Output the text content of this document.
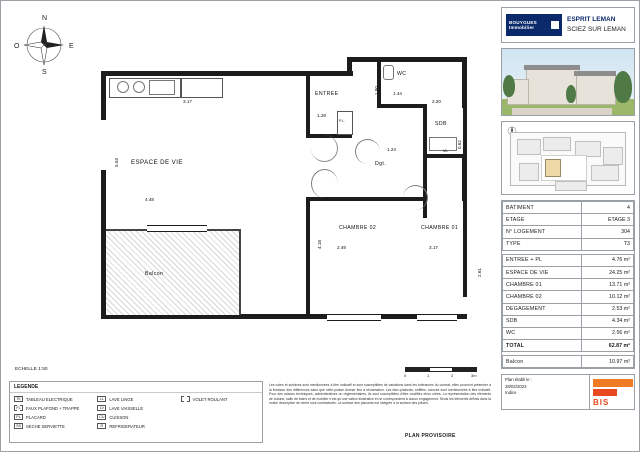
N
S
E
O
BOUYGUES
Immobilier
ESPRIT LEMAN
SCIEZ SUR LEMAN
BATIMENT	4
ETAGE	ETAGE 3
N° LOGEMENT	304
TYPE	T3

ENTREE + PL	4.76 m²
ESPACE DE VIE	24.25 m²
CHAMBRE 01	13.71 m²
CHAMBRE 02	10.12 m²
DEGAGEMENT	2.53 m²
SDB	4.34 m²
WC	2.56 m²
TOTAL	62.87 m²

Balcon	10.97 m²
Plan établi le :
28/02/2023
Indice
BIS
Balcon
ESPACE DE VIE
4.48
5.53
3.17
ENTREE
1.28
PL.
WC
1.44
1.80
SDB
2.20
0.62
ML
Dgt.
CHAMBRE 02
2.49
4.18
CHAMBRE 01
3.17
2.61
1.24
ECHELLE 1:50
0	1	2	3m
LEGENDE
TE	TABLEAU ELECTRIQUE
FL	FAUX PLAFOND + TRAPPE
PL	PLACARD
SS	SECHE SERVIETTE
LL	LAVE LINGE
LV	LAVE VAISSELLE
CU	CUISSON
R	REFRIGERATEUR
VOLET ROULANT
Les cotes et surfaces sont mentionnées à titre indicatif et sont susceptibles de variations dans les tolérances du contrat, elles pourront présenter à la livraison des différences sans que celle-puisse donner lieu à réclamation. Les faux-plafonds, soffites, coinces sont mentionnées à titre indicatif. Pour des raisons techniques, administratives ou réglementaires, ils sont susceptibles d'être modifiés et/ou créés. La représentation des éléments de cuisine, salle de bains et de mobilier n'est qu'une valeur illustrative et ne correspondent à aucun engagement. Seuls les éléments définis dans la notice descriptive de vente sont contractuels. La surface des placards est intégrée à la surface des pièces.
PLAN PROVISOIRE
